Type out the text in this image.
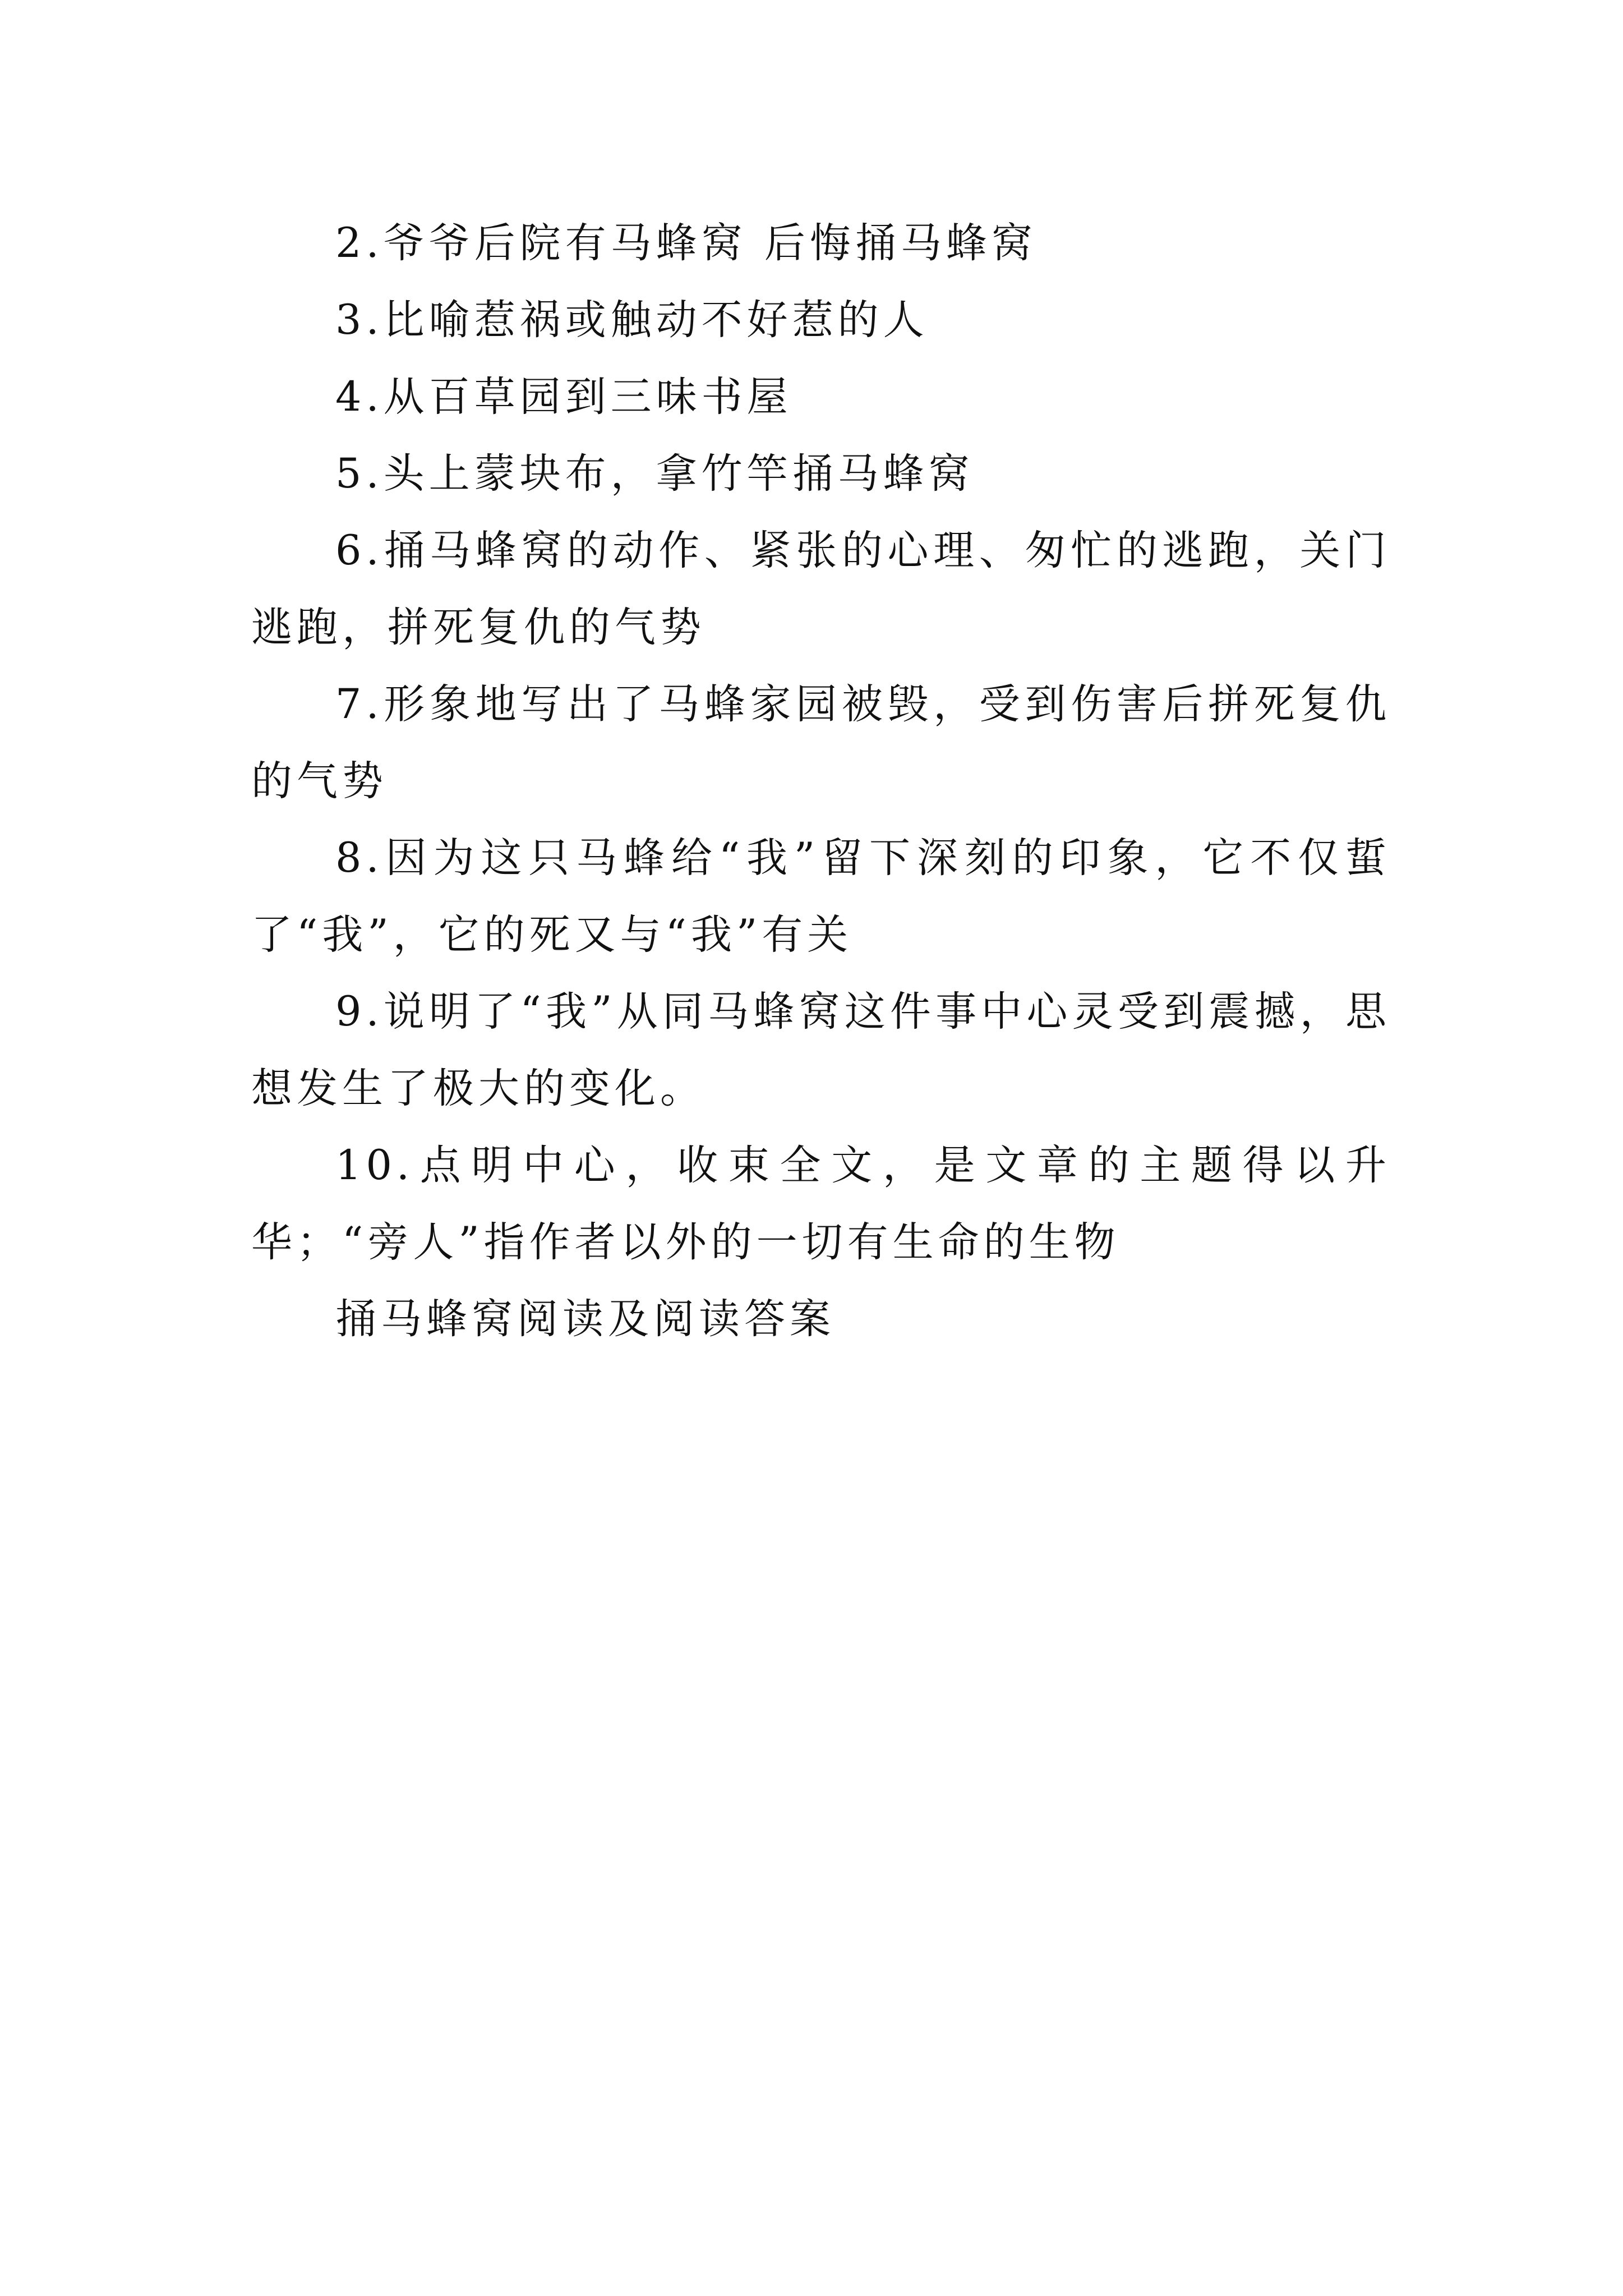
2.爷爷后院有马蜂窝 后悔捅马蜂窝

3.比喻惹祸或触动不好惹的人

4.从百草园到三味书屋

5.头上蒙块布，拿竹竿捅马蜂窝

6.捅马蜂窝的动作、紧张的心理、匆忙的逃跑，关门逃跑，拼死复仇的气势

7.形象地写出了马蜂家园被毁，受到伤害后拼死复仇的气势

8.因为这只马蜂给“我”留下深刻的印象，它不仅蜇了“我”，它的死又与“我”有关

9.说明了“我”从同马蜂窝这件事中心灵受到震撼，思想发生了极大的变化。

10.点明中心，收束全文，是文章的主题得以升华；“旁人”指作者以外的一切有生命的生物

捅马蜂窝阅读及阅读答案
